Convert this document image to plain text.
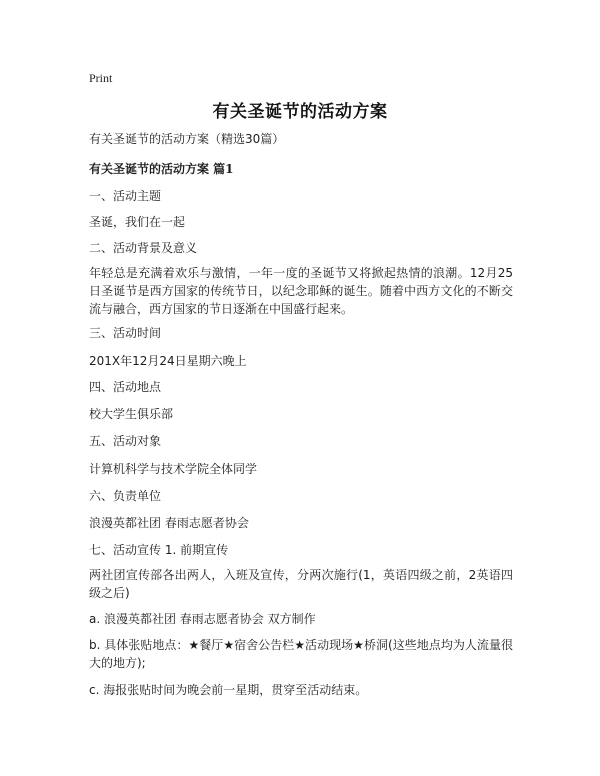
Print
有关圣诞节的活动方案
有关圣诞节的活动方案（精选30篇）
有关圣诞节的活动方案 篇1
一、活动主题
圣诞，我们在一起
二、活动背景及意义
年轻总是充满着欢乐与激情，一年一度的圣诞节又将掀起热情的浪潮。12月25日圣诞节是西方国家的传统节日，以纪念耶稣的诞生。随着中西方文化的不断交流与融合，西方国家的节日逐渐在中国盛行起来。
三、活动时间
201X年12月24日星期六晚上
四、活动地点
校大学生俱乐部
五、活动对象
计算机科学与技术学院全体同学
六、负责单位
浪漫英都社团 春雨志愿者协会
七、活动宣传 1. 前期宣传
两社团宣传部各出两人，入班及宣传，分两次施行(1，英语四级之前，2英语四级之后)
a. 浪漫英都社团 春雨志愿者协会 双方制作
b. 具体张贴地点：★餐厅★宿舍公告栏★活动现场★桥洞(这些地点均为人流量很大的地方);
c. 海报张贴时间为晚会前一星期，贯穿至活动结束。
